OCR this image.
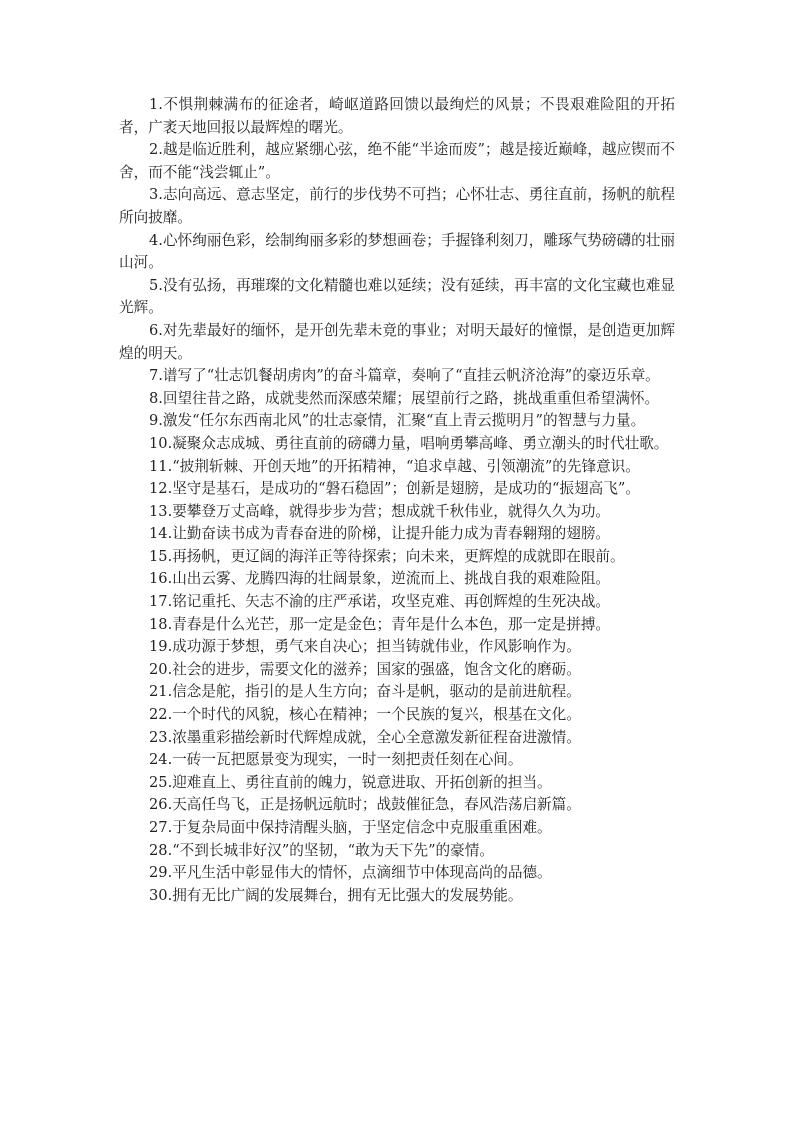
1.不惧荆棘满布的征途者，崎岖道路回馈以最绚烂的风景；不畏艰难险阻的开拓者，广袤天地回报以最辉煌的曙光。

2.越是临近胜利，越应紧绷心弦，绝不能“半途而废”；越是接近巅峰，越应锲而不舍，而不能“浅尝辄止”。

3.志向高远、意志坚定，前行的步伐势不可挡；心怀壮志、勇往直前，扬帆的航程所向披靡。

4.心怀绚丽色彩，绘制绚丽多彩的梦想画卷；手握锋利刻刀，雕琢气势磅礴的壮丽山河。

5.没有弘扬，再璀璨的文化精髓也难以延续；没有延续，再丰富的文化宝藏也难显光辉。

6.对先辈最好的缅怀，是开创先辈未竟的事业；对明天最好的憧憬，是创造更加辉煌的明天。

7.谱写了“壮志饥餐胡虏肉”的奋斗篇章，奏响了“直挂云帆济沧海”的豪迈乐章。

8.回望往昔之路，成就斐然而深感荣耀；展望前行之路，挑战重重但希望满怀。

9.激发“任尔东西南北风”的壮志豪情，汇聚“直上青云揽明月”的智慧与力量。

10.凝聚众志成城、勇往直前的磅礴力量，唱响勇攀高峰、勇立潮头的时代壮歌。

11.“披荆斩棘、开创天地”的开拓精神，“追求卓越、引领潮流”的先锋意识。

12.坚守是基石，是成功的“磐石稳固”；创新是翅膀，是成功的“振翅高飞”。

13.要攀登万丈高峰，就得步步为营；想成就千秋伟业，就得久久为功。

14.让勤奋读书成为青春奋进的阶梯，让提升能力成为青春翱翔的翅膀。

15.再扬帆，更辽阔的海洋正等待探索；向未来，更辉煌的成就即在眼前。

16.山出云雾、龙腾四海的壮阔景象，逆流而上、挑战自我的艰难险阻。

17.铭记重托、矢志不渝的庄严承诺，攻坚克难、再创辉煌的生死决战。

18.青春是什么光芒，那一定是金色；青年是什么本色，那一定是拼搏。

19.成功源于梦想，勇气来自决心；担当铸就伟业，作风影响作为。

20.社会的进步，需要文化的滋养；国家的强盛，饱含文化的磨砺。

21.信念是舵，指引的是人生方向；奋斗是帆，驱动的是前进航程。

22.一个时代的风貌，核心在精神；一个民族的复兴，根基在文化。

23.浓墨重彩描绘新时代辉煌成就，全心全意激发新征程奋进激情。

24.一砖一瓦把愿景变为现实，一时一刻把责任刻在心间。

25.迎难直上、勇往直前的魄力，锐意进取、开拓创新的担当。

26.天高任鸟飞，正是扬帆远航时；战鼓催征急，春风浩荡启新篇。

27.于复杂局面中保持清醒头脑，于坚定信念中克服重重困难。

28.“不到长城非好汉”的坚韧，“敢为天下先”的豪情。

29.平凡生活中彰显伟大的情怀，点滴细节中体现高尚的品德。

30.拥有无比广阔的发展舞台，拥有无比强大的发展势能。
